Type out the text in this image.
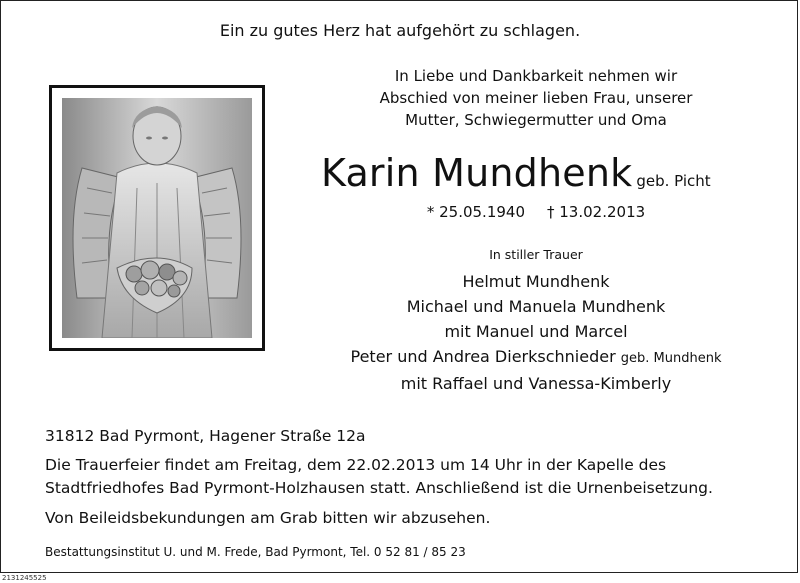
Ein zu gutes Herz hat aufgehört zu schlagen.
In Liebe und Dankbarkeit nehmen wir
Abschied von meiner lieben Frau, unserer
Mutter, Schwiegermutter und Oma
Karin Mundhenk geb. Picht
* 25.05.1940 † 13.02.2013
In stiller Trauer
Helmut Mundhenk
Michael und Manuela Mundhenk
mit Manuel und Marcel
Peter und Andrea Dierkschnieder geb. Mundhenk
mit Raffael und Vanessa-Kimberly
31812 Bad Pyrmont, Hagener Straße 12a
Die Trauerfeier findet am Freitag, dem 22.02.2013 um 14 Uhr in der Kapelle des Stadtfriedhofes Bad Pyrmont-Holzhausen statt. Anschließend ist die Urnenbeisetzung.
Von Beileidsbekundungen am Grab bitten wir abzusehen.
Bestattungsinstitut U. und M. Frede, Bad Pyrmont, Tel. 0 52 81 / 85 23
2131245525
